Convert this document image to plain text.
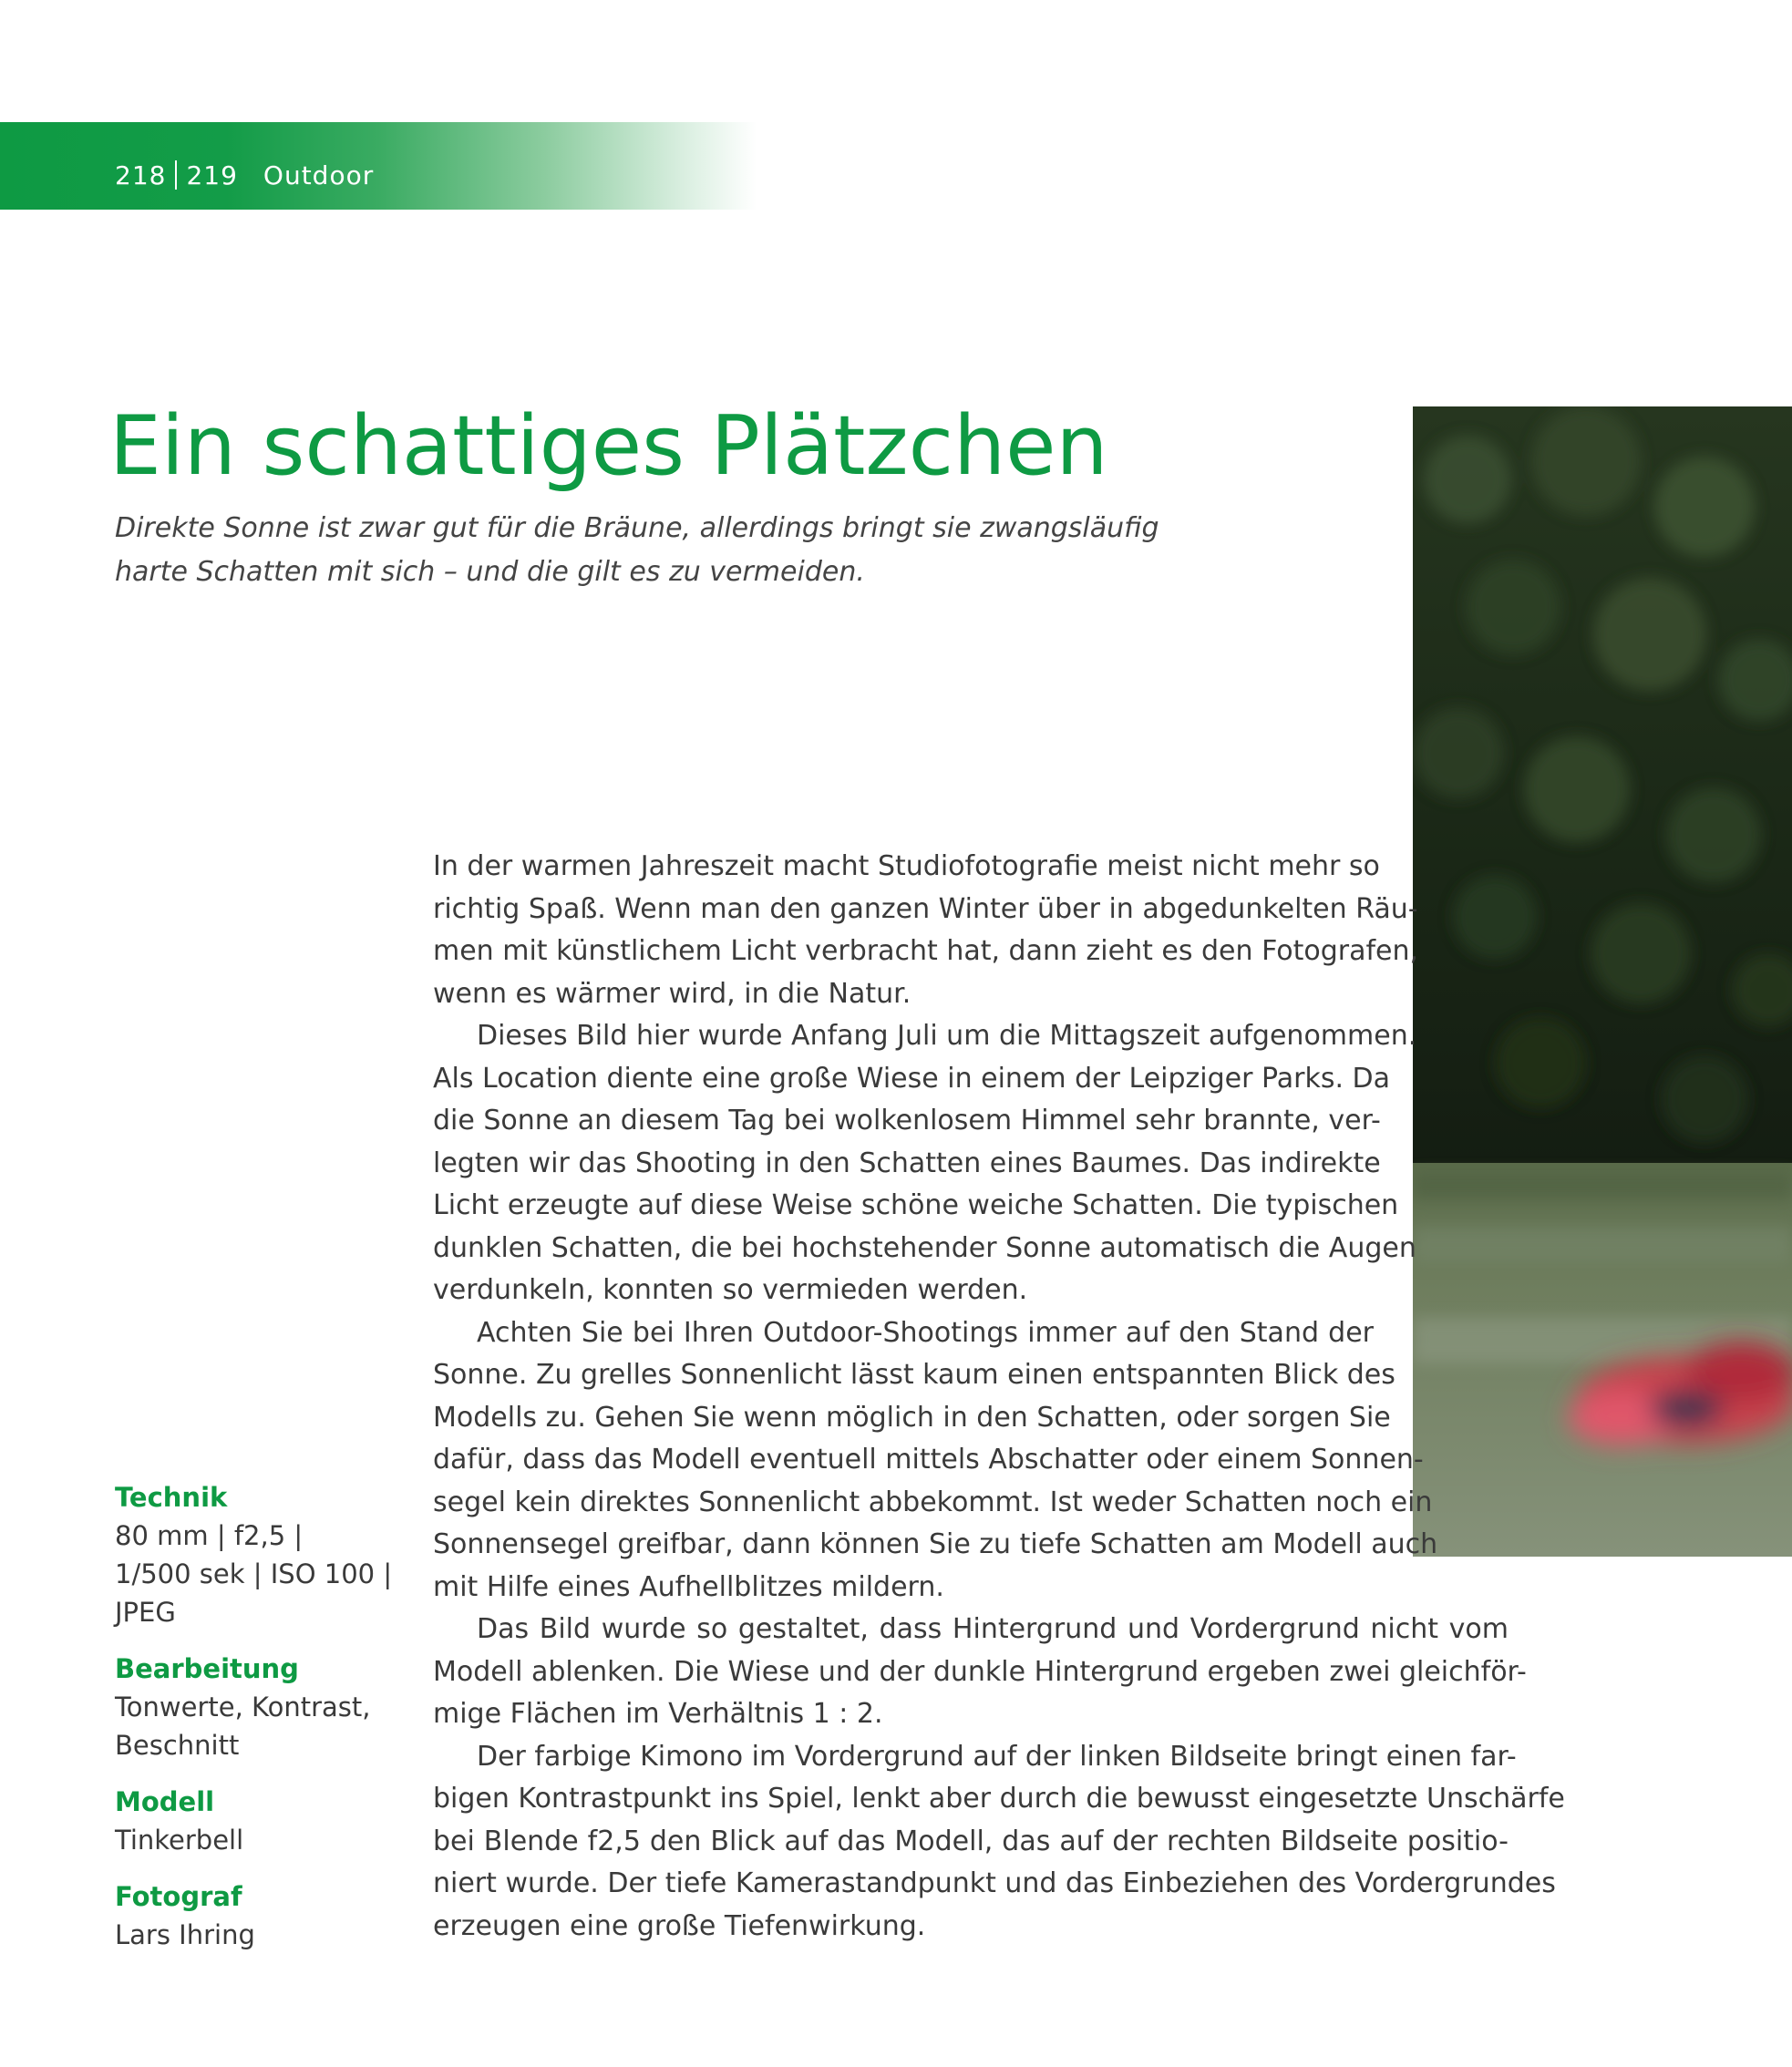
218 219 Outdoor
Ein schattiges Plätzchen
Direkte Sonne ist zwar gut für die Bräune, allerdings bringt sie zwangsläufig
harte Schatten mit sich – und die gilt es zu vermeiden.
In der warmen Jahreszeit macht Studiofotografie meist nicht mehr so
richtig Spaß. Wenn man den ganzen Winter über in abgedunkelten Räu-
men mit künstlichem Licht verbracht hat, dann zieht es den Fotografen,
wenn es wärmer wird, in die Natur.
Dieses Bild hier wurde Anfang Juli um die Mittagszeit aufgenommen.
Als Location diente eine große Wiese in einem der Leipziger Parks. Da
die Sonne an diesem Tag bei wolkenlosem Himmel sehr brannte, ver-
legten wir das Shooting in den Schatten eines Baumes. Das indirekte
Licht erzeugte auf diese Weise schöne weiche Schatten. Die typischen
dunklen Schatten, die bei hochstehender Sonne automatisch die Augen
verdunkeln, konnten so vermieden werden.
Achten Sie bei Ihren Outdoor-Shootings immer auf den Stand der
Sonne. Zu grelles Sonnenlicht lässt kaum einen entspannten Blick des
Modells zu. Gehen Sie wenn möglich in den Schatten, oder sorgen Sie
dafür, dass das Modell eventuell mittels Abschatter oder einem Sonnen-
segel kein direktes Sonnenlicht abbekommt. Ist weder Schatten noch ein
Sonnensegel greifbar, dann können Sie zu tiefe Schatten am Modell auch
mit Hilfe eines Aufhellblitzes mildern.
Das Bild wurde so gestaltet, dass Hintergrund und Vordergrund nicht vom
Modell ablenken. Die Wiese und der dunkle Hintergrund ergeben zwei gleichför-
mige Flächen im Verhältnis 1 : 2.
Der farbige Kimono im Vordergrund auf der linken Bildseite bringt einen far-
bigen Kontrastpunkt ins Spiel, lenkt aber durch die bewusst eingesetzte Unschärfe
bei Blende f2,5 den Blick auf das Modell, das auf der rechten Bildseite positio-
niert wurde. Der tiefe Kamerastandpunkt und das Einbeziehen des Vordergrundes
erzeugen eine große Tiefenwirkung.
Technik
80 mm | f2,5 |
1/500 sek | ISO 100 |
JPEG
Bearbeitung
Tonwerte, Kontrast,
Beschnitt
Modell
Tinkerbell
Fotograf
Lars Ihring
